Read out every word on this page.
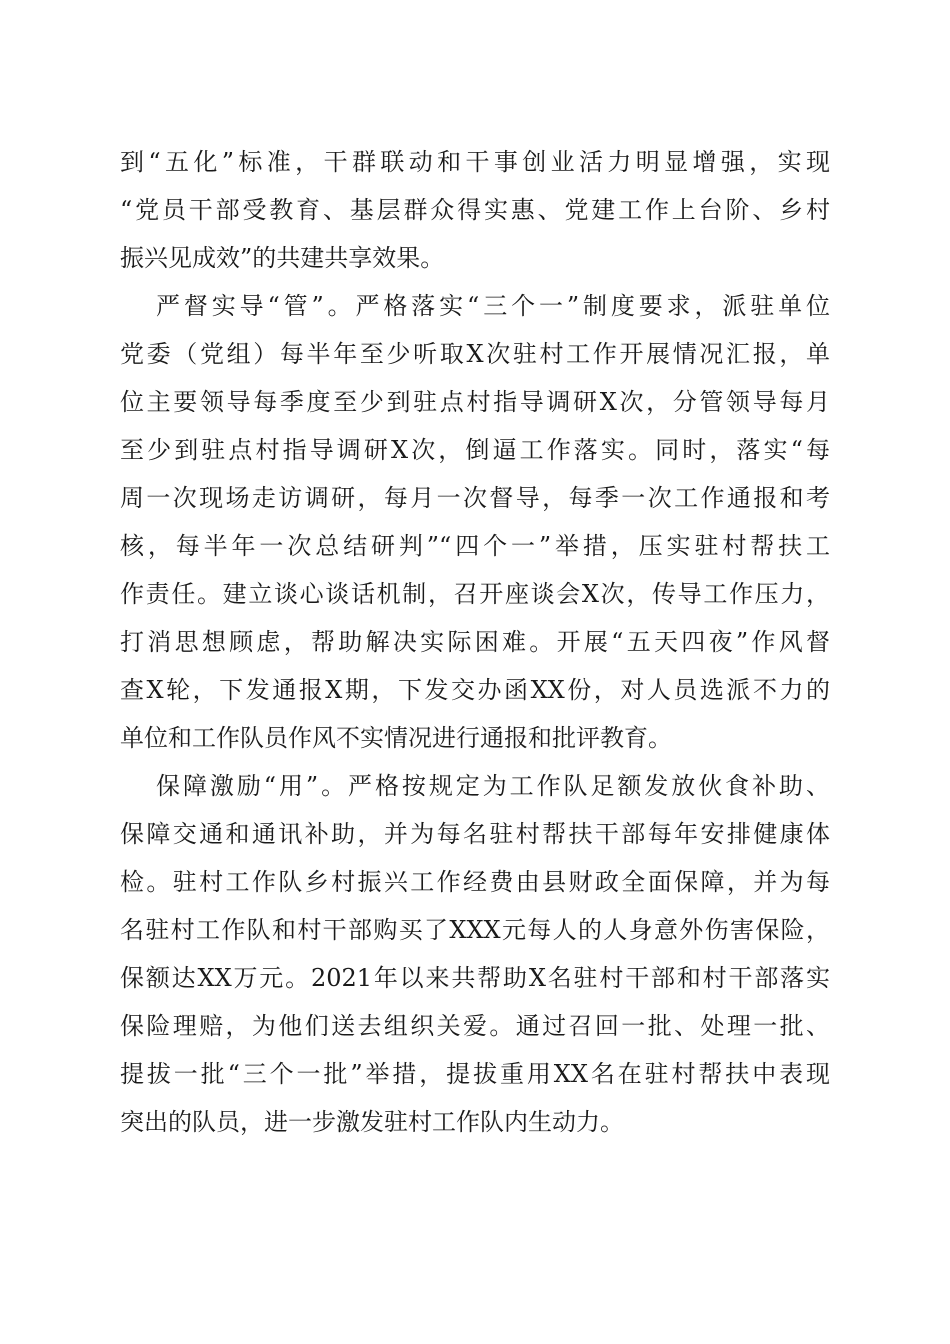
到“五化”标准，干群联动和干事创业活力明显增强，实现
“党员干部受教育、基层群众得实惠、党建工作上台阶、乡村
振兴见成效”的共建共享效果。
严督实导“管”。严格落实“三个一”制度要求，派驻单位
党委（党组）每半年至少听取X次驻村工作开展情况汇报，单
位主要领导每季度至少到驻点村指导调研X次，分管领导每月
至少到驻点村指导调研X次，倒逼工作落实。同时，落实“每
周一次现场走访调研，每月一次督导，每季一次工作通报和考
核，每半年一次总结研判”“四个一”举措，压实驻村帮扶工
作责任。建立谈心谈话机制，召开座谈会X次，传导工作压力，
打消思想顾虑，帮助解决实际困难。开展“五天四夜”作风督
查X轮，下发通报X期，下发交办函XX份，对人员选派不力的
单位和工作队员作风不实情况进行通报和批评教育。
保障激励“用”。严格按规定为工作队足额发放伙食补助、
保障交通和通讯补助，并为每名驻村帮扶干部每年安排健康体
检。驻村工作队乡村振兴工作经费由县财政全面保障，并为每
名驻村工作队和村干部购买了XXX元每人的人身意外伤害保险，
保额达XX万元。2021年以来共帮助X名驻村干部和村干部落实
保险理赔，为他们送去组织关爱。通过召回一批、处理一批、
提拔一批“三个一批”举措，提拔重用XX名在驻村帮扶中表现
突出的队员，进一步激发驻村工作队内生动力。
